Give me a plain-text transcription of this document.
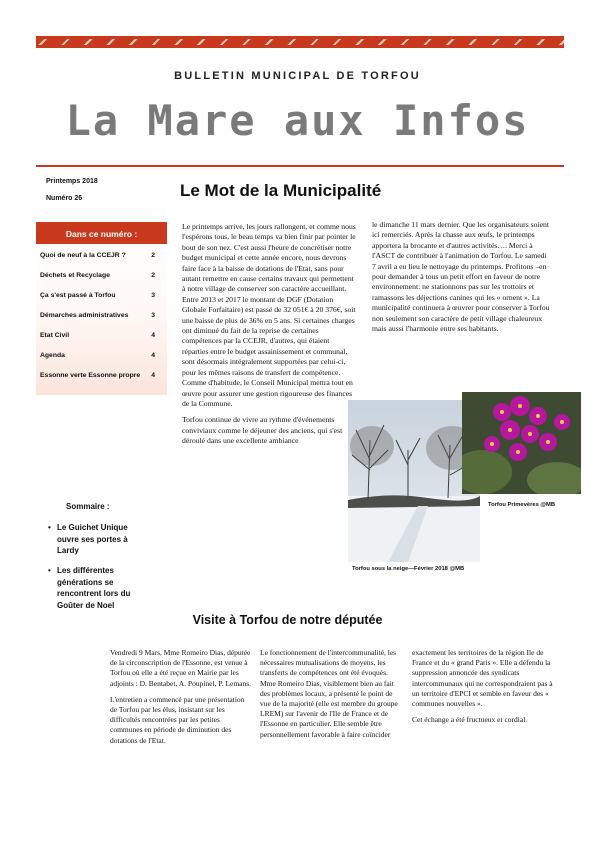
BULLETIN MUNICIPAL DE TORFOU
La Mare aux Infos
Printemps 2018
Numéro 26	Le Mot de la Municipalité
Dans ce numéro :
Quoi de neuf à la CCEJR ?	2
Déchets et Recyclage	2
Ça s'est passé à Torfou	3
Démarches administratives	3
Etat Civil	4
Agenda	4
Essonne verte Essonne propre 4
Sommaire :
• Le Guichet Unique ouvre ses portes à Lardy
• Les différentes générations se rencontrent lors du Goûter de Noel

Le printemps arrive, les jours rallongent, et comme nous l'espérons tous, le beau temps va bien finir par pointer le bout de son nez. C'est aussi l'heure de concrétiser notre budget municipal et cette année encore, nous devrons faire face à la baisse de dotations de l'Etat, sans pour autant remettre en cause certains travaux qui permettent à notre village de conserver son caractère accueillant. Entre 2013 et 2017 le montant de DGF (Dotation Globale Forfaitaire) est passé de 32 051€ à 20 376€, soit une baisse de plus de 36% en 5 ans. Si certaines charges ont diminué du fait de la reprise de certaines compétences par la CCEJR, d'autres, qui étaient réparties entre le budget assainissement et communal, sont désormais intégralement supportées par celui-ci, pour les mêmes raisons de transfert de compétence. Comme d'habitude, le Conseil Municipal mettra tout en œuvre pour assurer une gestion rigoureuse des finances de la Commune.

Torfou continue de vivre au rythme d'événements conviviaux comme le déjeuner des anciens, qui s'est déroulé dans une excellente ambiance

le dimanche 11 mars dernier. Que les organisateurs soient ici remerciés. Après la chasse aux œufs, le printemps apportera la brocante et d'autres activités…. Merci à l'ASCT de contribuer à l'animation de Torfou. Le samedi 7 avril a eu lieu le nettoyage du printemps. Profitons –en pour demander à tous un petit effort en faveur de notre environnement: ne stationnons pas sur les trottoirs et ramassons les déjections canines qui les « ornent ». La municipalité continuera à œuvrer pour conserver à Torfou non seulement son caractère de petit village chaleureux mais aussi l'harmonie entre ses habitants.

Torfou sous la neige—Février 2018 @MB
Torfou Primevères @MB
Visite à Torfou de notre députée

Vendredi 9 Mars, Mme Romeiro Dias, députée de la circonscription de l'Essonne, est venue à Torfou où elle a été reçue en Mairie par les adjoints : D. Bentabet, A. Poupinel, P. Lemans.

L'entretien a commencé par une présentation de Torfou par les élus, insistant sur les difficultés rencontrées par les petites communes en période de diminution des dotations de l'Etat.

Le fonctionnement de l'intercommunalité, les nécessaires mutualisations de moyens, les transferts de compétences ont été évoqués. Mme Romeiro Dias, visiblement bien au fait des problèmes locaux, a présenté le point de vue de la majorité (elle est membre du groupe LREM) sur l'avenir de l'Ile de France et de l'Essonne en particulier. Elle semble être personnellement favorable à faire coïncider

exactement les territoires de la région Ile de France et du « grand Paris ». Elle a défendu la suppression annoncée des syndicats intercommunaux qui ne correspondraient pas à un territoire d'EPCI et semble en faveur des « communes nouvelles ».

Cet échange a été fructueux et cordial.
